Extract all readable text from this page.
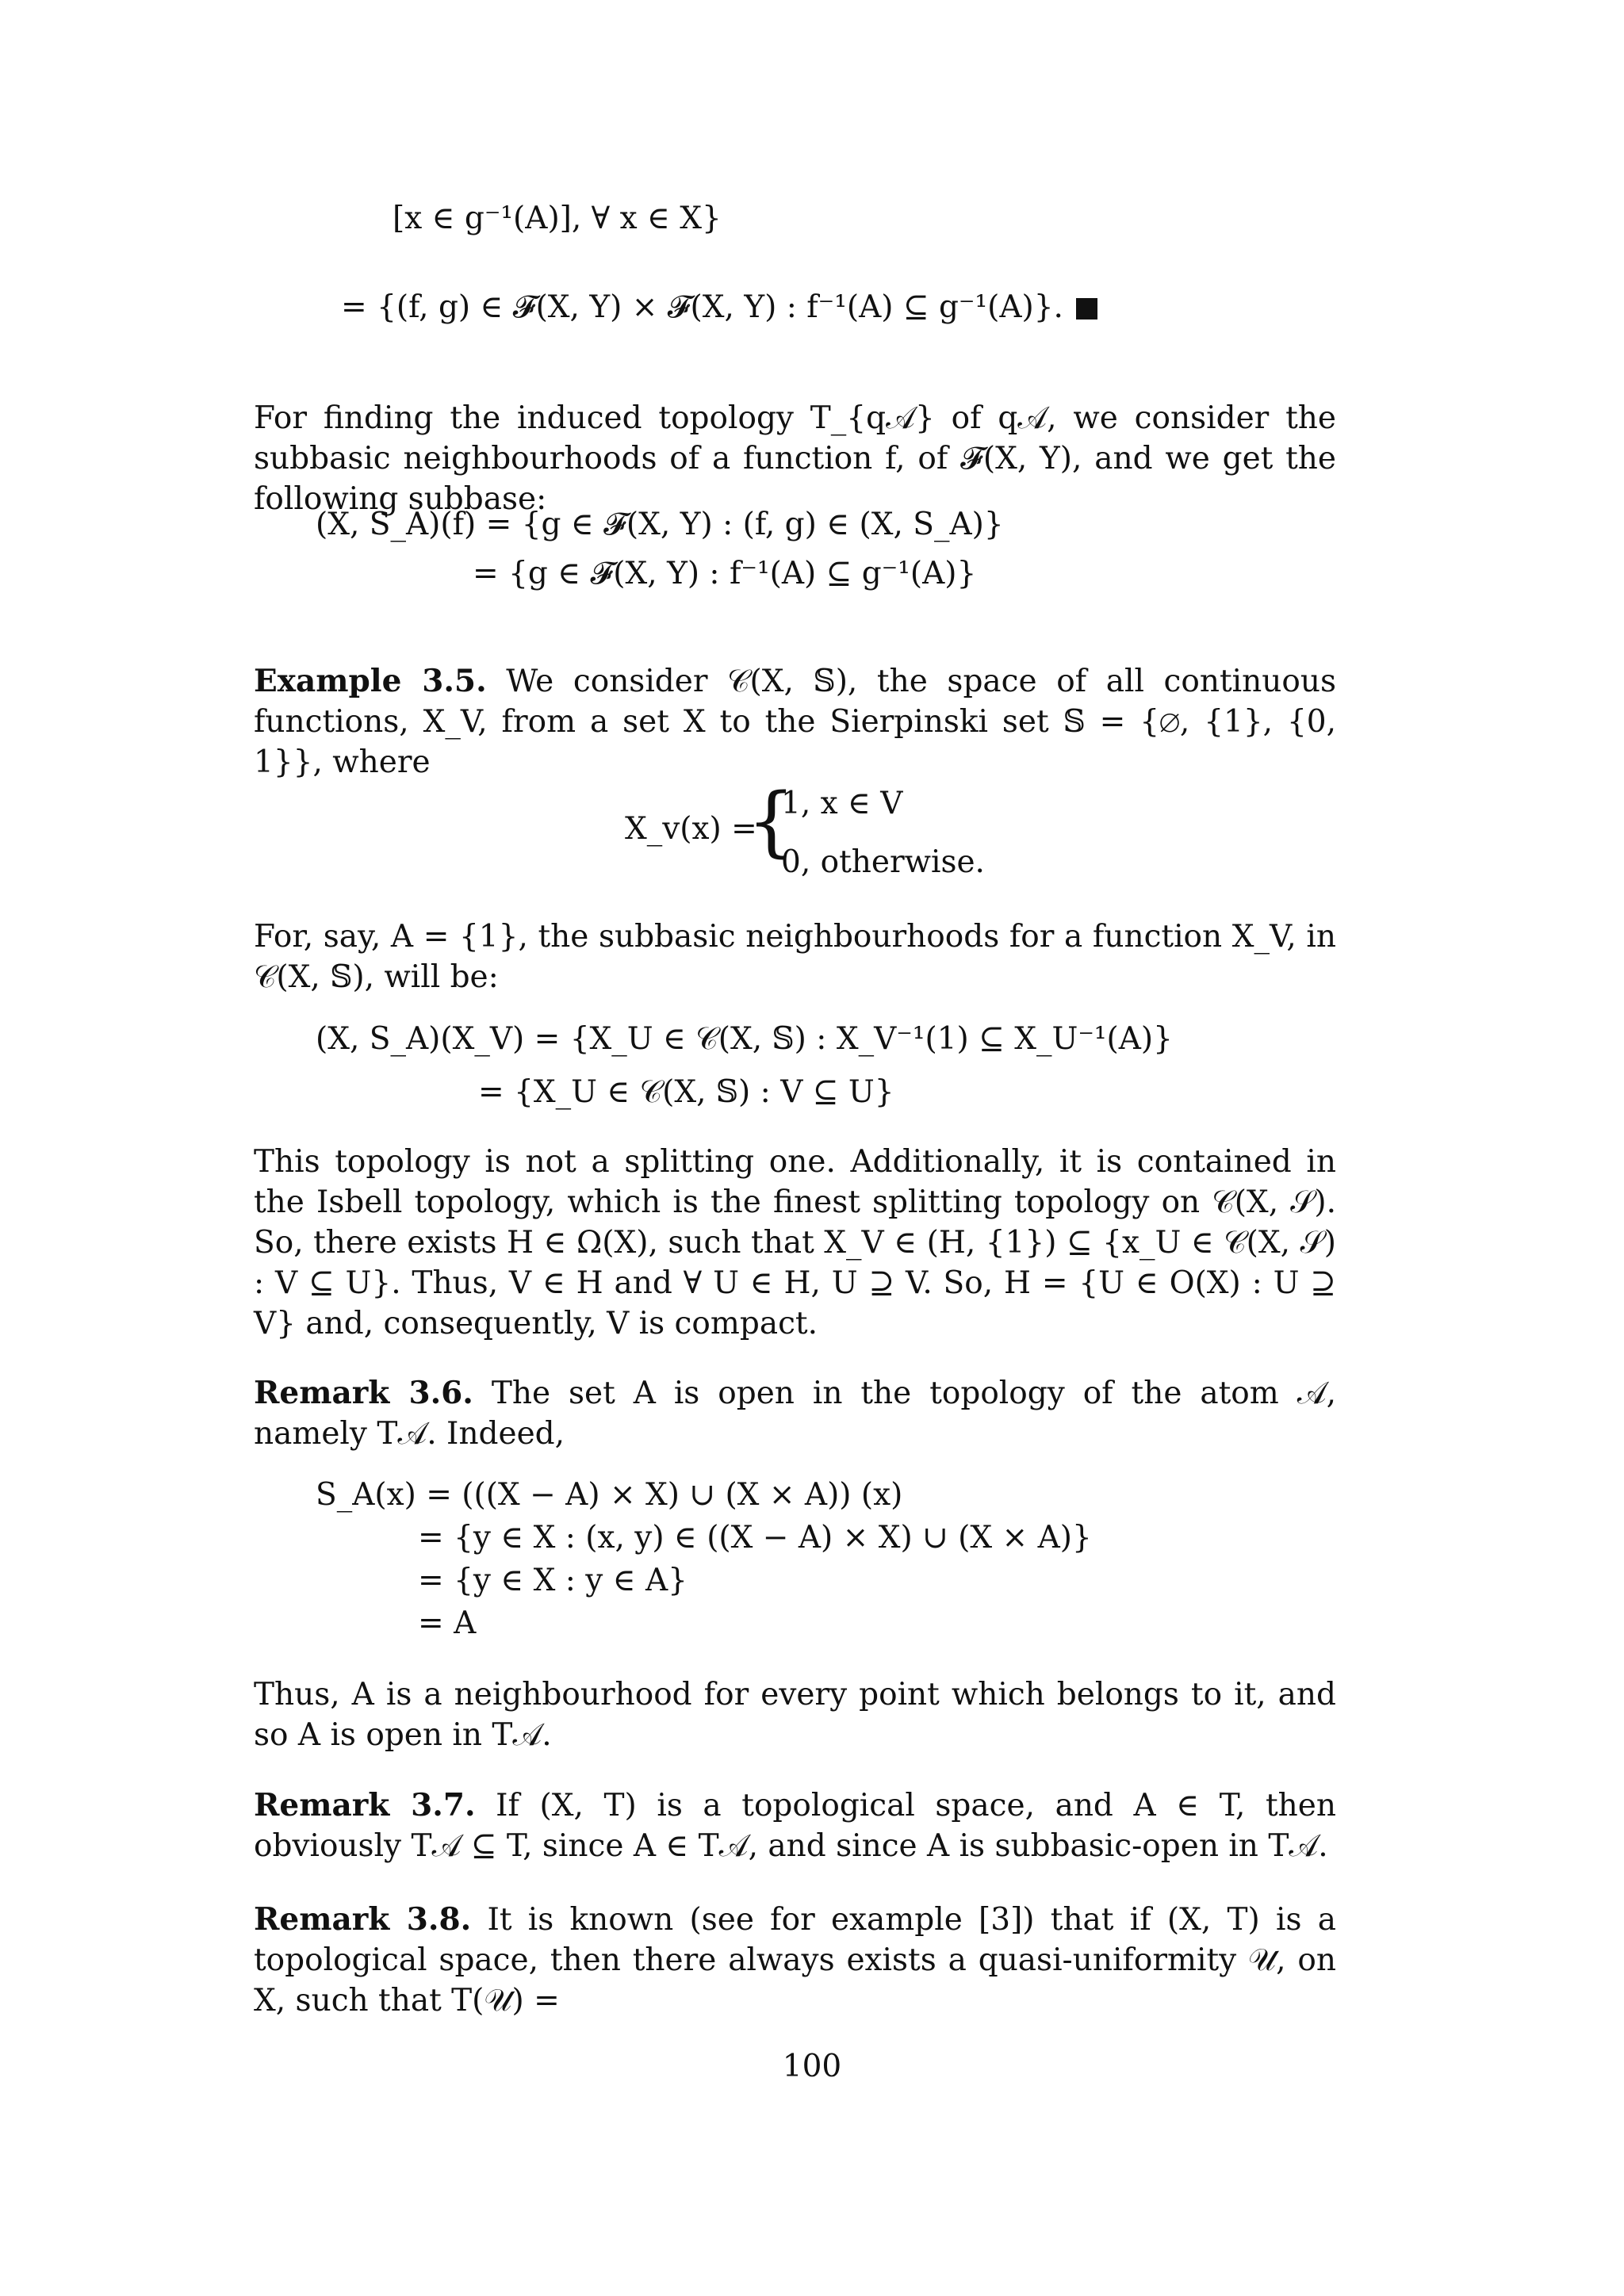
[x ∈ g⁻¹(A)], ∀ x ∈ X}
= {(f, g) ∈ 𝓕(X, Y) × 𝓕(X, Y) : f⁻¹(A) ⊆ g⁻¹(A)}.
For finding the induced topology T_{q𝒜} of q𝒜, we consider the subbasic neighbourhoods of a function f, of 𝓕(X, Y), and we get the following subbase:
(X, S_A)(f) = {g ∈ 𝓕(X, Y) : (f, g) ∈ (X, S_A)}
= {g ∈ 𝓕(X, Y) : f⁻¹(A) ⊆ g⁻¹(A)}
Example 3.5. We consider 𝒞(X, 𝕊), the space of all continuous functions, X_V, from a set X to the Sierpinski set 𝕊 = {∅, {1}, {0, 1}}, where
X_v(x) =
{
1, x ∈ V
0, otherwise.
For, say, A = {1}, the subbasic neighbourhoods for a function X_V, in 𝒞(X, 𝕊), will be:
(X, S_A)(X_V) = {X_U ∈ 𝒞(X, 𝕊) : X_V⁻¹(1) ⊆ X_U⁻¹(A)}
= {X_U ∈ 𝒞(X, 𝕊) : V ⊆ U}
This topology is not a splitting one. Additionally, it is contained in the Isbell topology, which is the finest splitting topology on 𝒞(X, 𝒮). So, there exists H ∈ Ω(X), such that X_V ∈ (H, {1}) ⊆ {x_U ∈ 𝒞(X, 𝒮) : V ⊆ U}. Thus, V ∈ H and ∀ U ∈ H, U ⊇ V. So, H = {U ∈ O(X) : U ⊇ V} and, consequently, V is compact.
Remark 3.6. The set A is open in the topology of the atom 𝒜, namely T𝒜. Indeed,
S_A(x) = (((X − A) × X) ∪ (X × A)) (x)
= {y ∈ X : (x, y) ∈ ((X − A) × X) ∪ (X × A)}
= {y ∈ X : y ∈ A}
= A
Thus, A is a neighbourhood for every point which belongs to it, and so A is open in T𝒜.
Remark 3.7. If (X, T) is a topological space, and A ∈ T, then obviously T𝒜 ⊆ T, since A ∈ T𝒜, and since A is subbasic-open in T𝒜.
Remark 3.8. It is known (see for example [3]) that if (X, T) is a topological space, then there always exists a quasi-uniformity 𝒰, on X, such that T(𝒰) =
100
